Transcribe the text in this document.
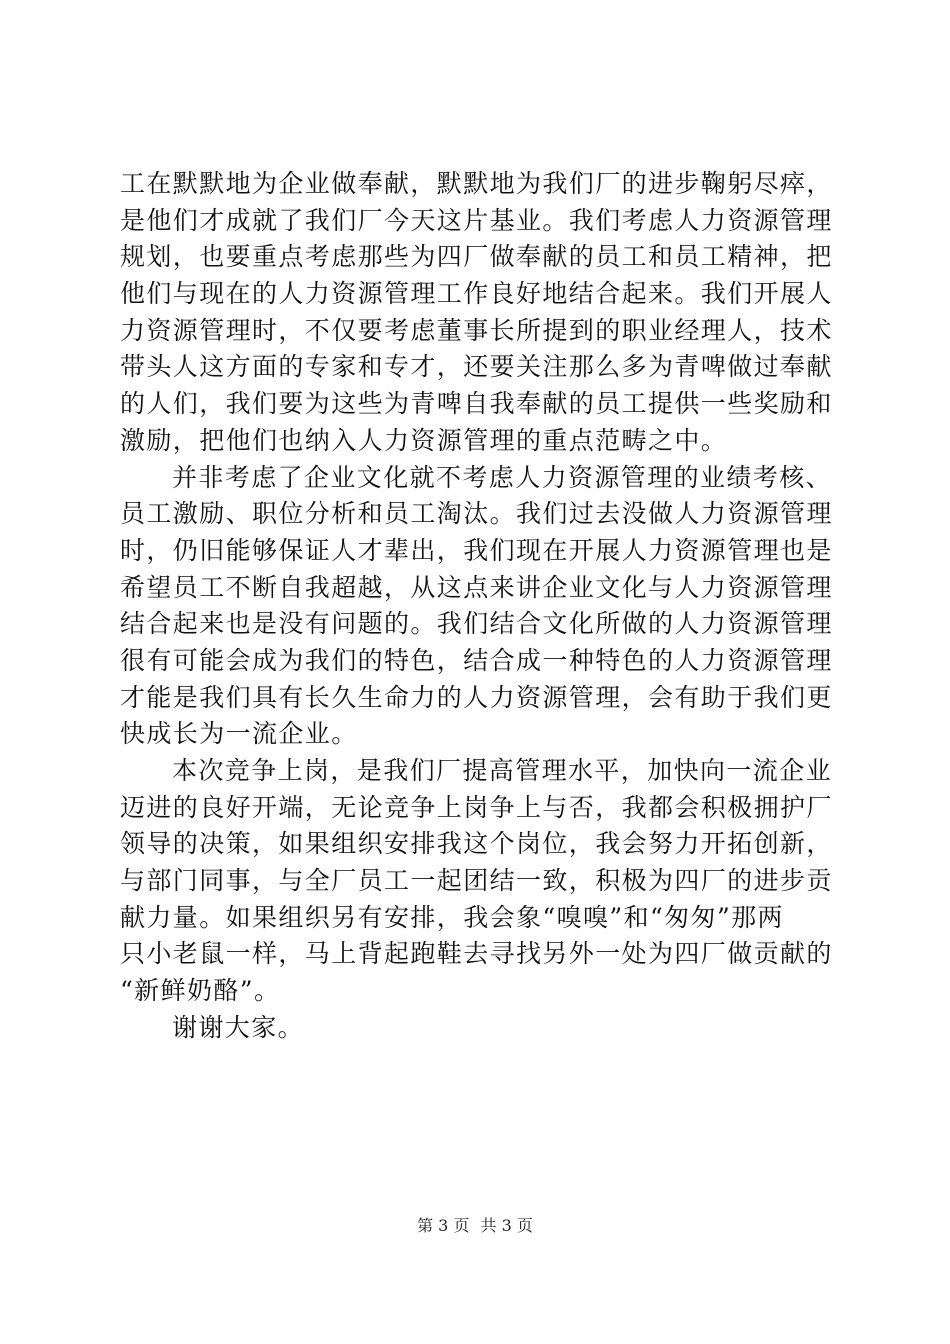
工在默默地为企业做奉献，默默地为我们厂的进步鞠躬尽瘁，
是他们才成就了我们厂今天这片基业。我们考虑人力资源管理
规划，也要重点考虑那些为四厂做奉献的员工和员工精神，把
他们与现在的人力资源管理工作良好地结合起来。我们开展人
力资源管理时，不仅要考虑董事长所提到的职业经理人，技术
带头人这方面的专家和专才，还要关注那么多为青啤做过奉献
的人们，我们要为这些为青啤自我奉献的员工提供一些奖励和
激励，把他们也纳入人力资源管理的重点范畴之中。
并非考虑了企业文化就不考虑人力资源管理的业绩考核、
员工激励、职位分析和员工淘汰。我们过去没做人力资源管理
时，仍旧能够保证人才辈出，我们现在开展人力资源管理也是
希望员工不断自我超越，从这点来讲企业文化与人力资源管理
结合起来也是没有问题的。我们结合文化所做的人力资源管理
很有可能会成为我们的特色，结合成一种特色的人力资源管理
才能是我们具有长久生命力的人力资源管理，会有助于我们更
快成长为一流企业。
本次竞争上岗，是我们厂提高管理水平，加快向一流企业
迈进的良好开端，无论竞争上岗争上与否，我都会积极拥护厂
领导的决策，如果组织安排我这个岗位，我会努力开拓创新，
与部门同事，与全厂员工一起团结一致，积极为四厂的进步贡
献力量。如果组织另有安排，我会象“嗅嗅”和“匆匆”那两
只小老鼠一样，马上背起跑鞋去寻找另外一处为四厂做贡献的
“新鲜奶酪”。
谢谢大家。
第 3 页 共 3 页
